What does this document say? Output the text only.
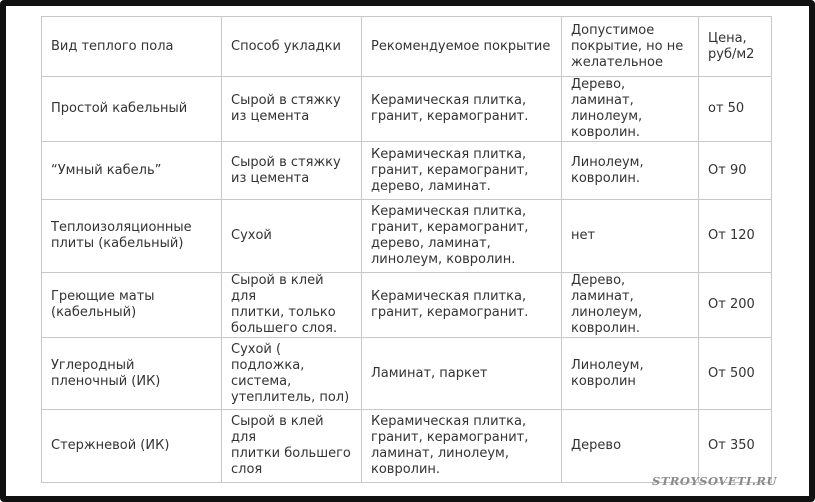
Вид теплого пола	Способ укладки	Рекомендуемое покрытие	Допустимое
покрытие, но не
желательное	Цена,
руб/м2
Простой кабельный	Сырой в стяжку
из цемента	Керамическая плитка,
гранит, керамогранит.	Дерево, ламинат,
линолеум,
ковролин.	от 50
“Умный кабель”	Сырой в стяжку
из цемента	Керамическая плитка,
гранит, керамогранит,
дерево, ламинат.	Линолеум,
ковролин.	От 90
Теплоизоляционные
плиты (кабельный)	Сухой	Керамическая плитка,
гранит, керамогранит,
дерево, ламинат,
линолеум, ковролин.	нет	От 120
Греющие маты
(кабельный)	Сырой в клей для
плитки, только
большего слоя.	Керамическая плитка,
гранит, керамогранит.	Дерево, ламинат,
линолеум,
ковролин.	От 200
Углеродный
пленочный (ИК)	Сухой (
подложка,
система,
утеплитель, пол)	Ламинат, паркет	Линолеум,
ковролин	От 500
Стержневой (ИК)	Сырой в клей для
плитки большего
слоя	Керамическая плитка,
гранит, керамогранит,
ламинат, линолеум,
ковролин.	Дерево	От 350
STROYSOVETI.RU
